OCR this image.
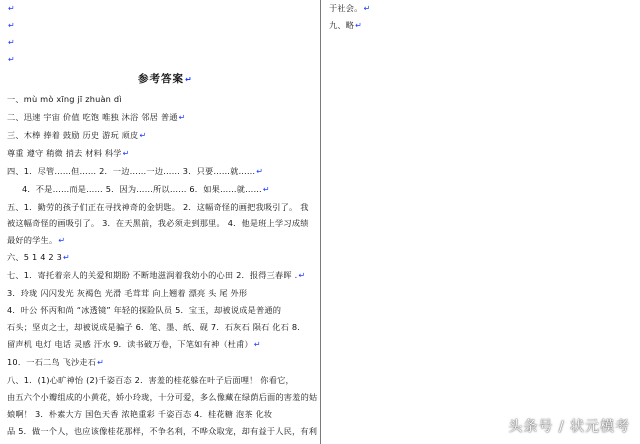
↵
↵
↵
↵
参考答案↵
一、mù mò xīng jī zhuàn dì
二、迅速 宇宙 价值 吃饱 唯独 沐浴 邻居 普通↵
三、木棒 捧着 鼓励 历史 游玩 顽皮↵
尊重 遵守 稍微 捎去 材料 科学↵
四、1．尽管……但…… 2．一边……一边…… 3．只要……就……↵
4．不是……而是…… 5．因为……所以…… 6．如果……就……↵
五、1．勤劳的孩子们正在寻找神奇的金钥匙。 2．这幅奇怪的画把我吸引了。 我
被这幅奇怪的画吸引了。 3．在天黑前，我必须走到那里。 4．他是班上学习成绩
最好的学生。↵
六、5 1 4 2 3↵
七、1．寄托着亲人的关爱和期盼 不断地滋润着我幼小的心田 2．报得三春晖 .↵
3．玲珑 闪闪发光 灰褐色 光滑 毛茸茸 向上翘着 漂亮 头 尾 外形
4．叶公 怀丙和尚 “冰透镜” 年轻的探险队员 5．宝玉，却被说成是普通的
石头；坚贞之士，却被说成是骗子 6．笔、墨、纸、砚 7．石灰石 陨石 化石 8．
留声机 电灯 电话 灵感 汗水 9．读书破万卷，下笔如有神（杜甫）↵
10．一石二鸟 飞沙走石↵
八、1．(1)心旷神怡 (2)千姿百态 2．害羞的桂花躲在叶子后面哩！ 你看它，
由五六个小瓣组成的小黄花，娇小玲珑，十分可爱，多么像藏在绿荫后面的害羞的姑
娘啊！ 3．朴素大方 国色天香 浓艳重彩 千姿百态 4．桂花糖 泡茶 化妆
品 5．做一个人，也应该像桂花那样，不争名利，不哗众取宠，却有益于人民，有利
于社会。↵
九、略↵
头条号 / 状元模考
